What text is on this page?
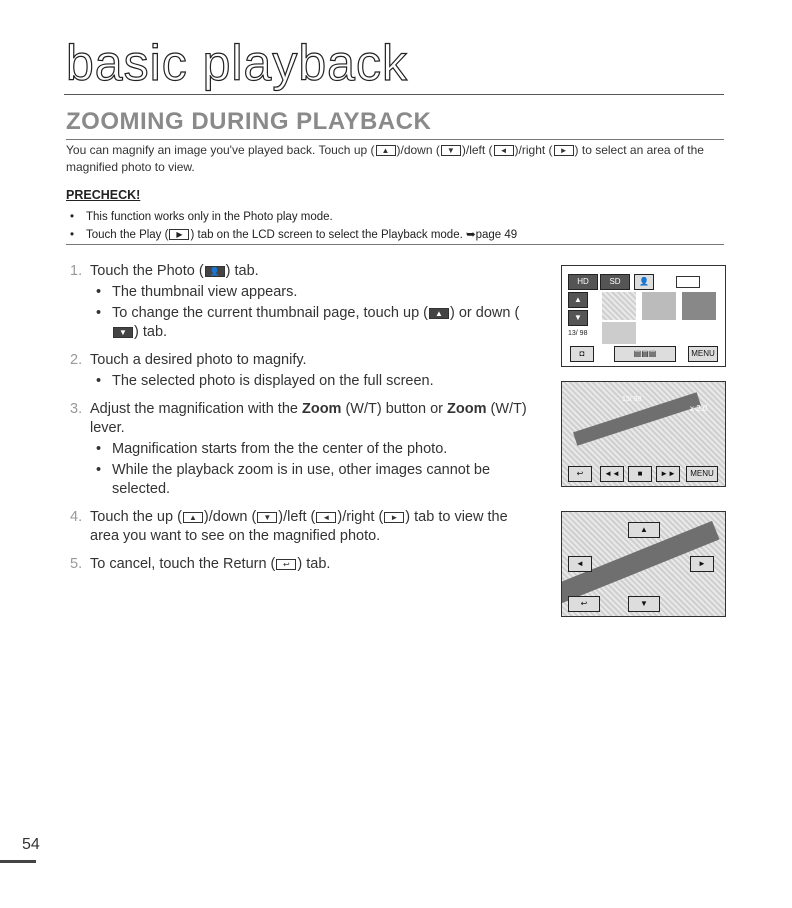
basic playback
ZOOMING DURING PLAYBACK
You can magnify an image you've played back. Touch up ( ▲ )/down ( ▼ )/left ( ◄ )/right ( ► ) to select an area of the magnified photo to view.
PRECHECK!
• This function works only in the Photo play mode.
• Touch the Play ( ▶ ) tab on the LCD screen to select the Playback mode. ➥page 49
1. Touch the Photo ( 👤 ) tab.
• The thumbnail view appears.
• To change the current thumbnail page, touch up ( ▲ ) or down (▼ ) tab.
2. Touch a desired photo to magnify.
• The selected photo is displayed on the full screen.
3. Adjust the magnification with the Zoom (W/T) button or Zoom (W/T) lever.
• Magnification starts from the the center of the photo.
• While the playback zoom is in use, other images cannot be selected.
4. Touch the up ( ▲ )/down ( ▼ )/left ( ◄ )/right ( ► ) tab to view the area you want to see on the magnified photo.
5. To cancel, touch the Return ( ↩ ) tab.
HD	SD	👤
▲
▼
13/ 98
◘	▤▤▤	MENU
13/ 98
x 2.0
↩	◄◄	■	►►	MENU
▲
◄	►
↩	▼
54
